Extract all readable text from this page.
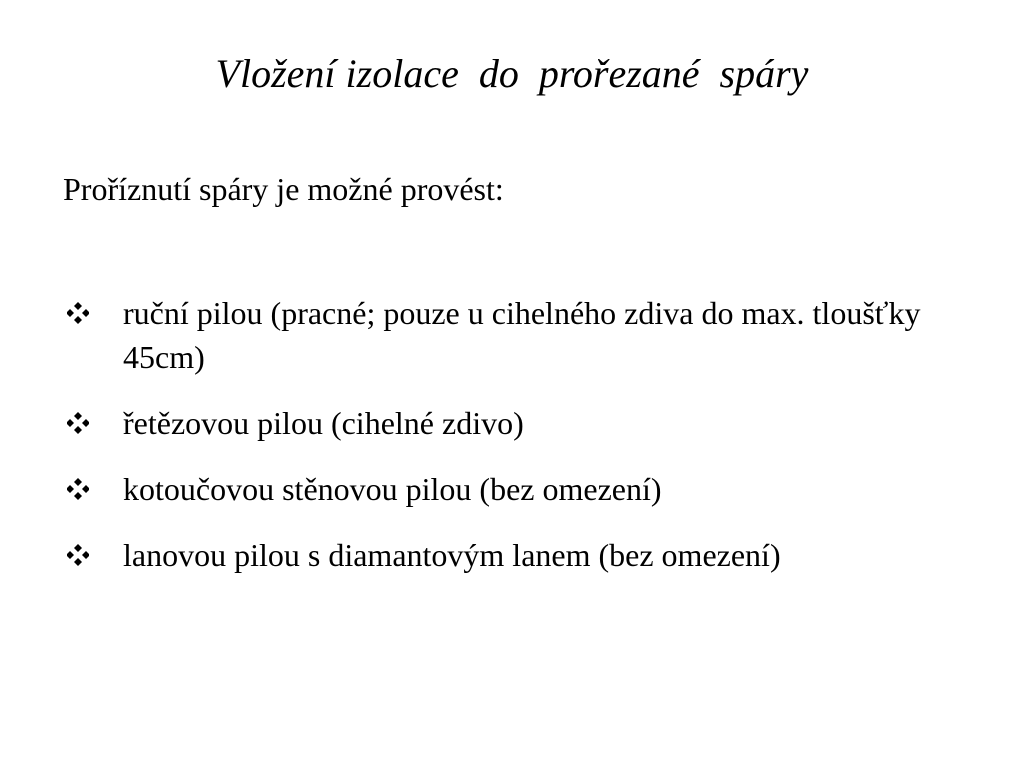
Vložení izolace  do  prořezané  spáry

Proříznutí spáry je možné provést:

ruční pilou (pracné; pouze u cihelného zdiva do max. tloušťky 45cm)
řetězovou pilou (cihelné zdivo)
kotoučovou stěnovou pilou (bez omezení)
lanovou pilou s diamantovým lanem (bez omezení)
